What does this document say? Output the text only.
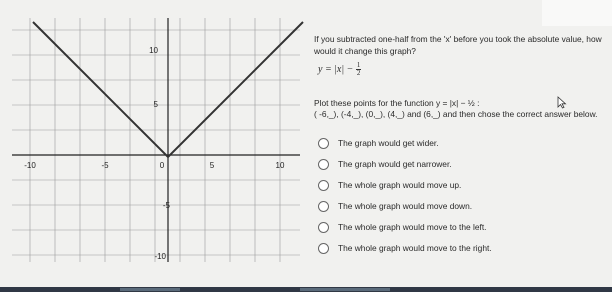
-10	-5	0	5	10
10
5
-5
-10

If you subtracted one-half from the 'x' before you took the absolute value, how would it change this graph?

$y = |x| - \frac{1}{2}$

Plot these points for the function y = |x| − ½ :

( -6,_), (-4,_), (0,_), (4,_) and (6,_) and then chose the correct answer below.

The graph would get wider.
The graph would get narrower.
The whole graph would move up.
The whole graph would move down.
The whole graph would move to the left.
The whole graph would move to the right.
